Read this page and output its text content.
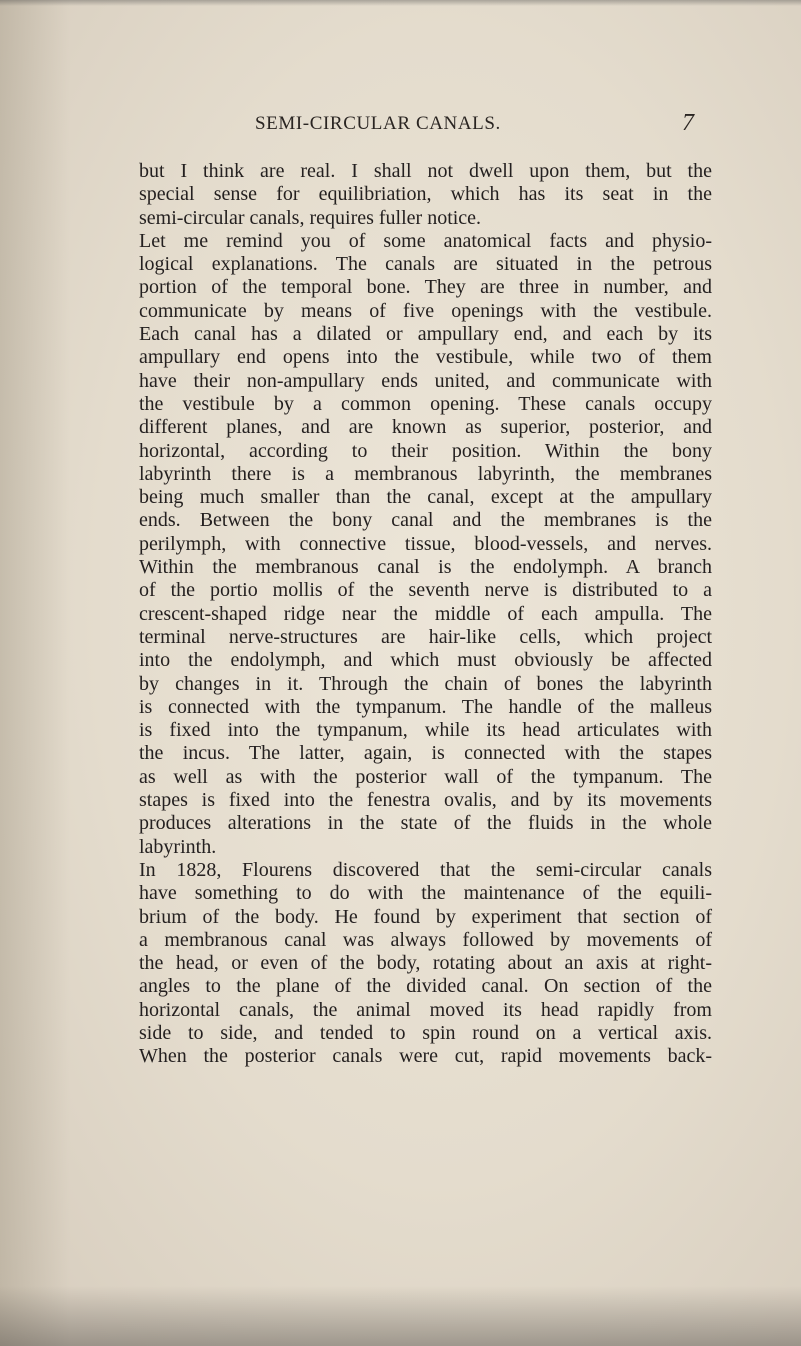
SEMI-CIRCULAR CANALS.	7
but I think are real. I shall not dwell upon them, but the
special sense for equilibriation, which has its seat in the
semi-circular canals, requires fuller notice.
Let me remind you of some anatomical facts and physio-
logical explanations. The canals are situated in the petrous
portion of the temporal bone. They are three in number, and
communicate by means of five openings with the vestibule.
Each canal has a dilated or ampullary end, and each by its
ampullary end opens into the vestibule, while two of them
have their non-ampullary ends united, and communicate with
the vestibule by a common opening. These canals occupy
different planes, and are known as superior, posterior, and
horizontal, according to their position. Within the bony
labyrinth there is a membranous labyrinth, the membranes
being much smaller than the canal, except at the ampullary
ends. Between the bony canal and the membranes is the
perilymph, with connective tissue, blood-vessels, and nerves.
Within the membranous canal is the endolymph. A branch
of the portio mollis of the seventh nerve is distributed to a
crescent-shaped ridge near the middle of each ampulla. The
terminal nerve-structures are hair-like cells, which project
into the endolymph, and which must obviously be affected
by changes in it. Through the chain of bones the labyrinth
is connected with the tympanum. The handle of the malleus
is fixed into the tympanum, while its head articulates with
the incus. The latter, again, is connected with the stapes
as well as with the posterior wall of the tympanum. The
stapes is fixed into the fenestra ovalis, and by its movements
produces alterations in the state of the fluids in the whole
labyrinth.
In 1828, Flourens discovered that the semi-circular canals
have something to do with the maintenance of the equili-
brium of the body. He found by experiment that section of
a membranous canal was always followed by movements of
the head, or even of the body, rotating about an axis at right-
angles to the plane of the divided canal. On section of the
horizontal canals, the animal moved its head rapidly from
side to side, and tended to spin round on a vertical axis.
When the posterior canals were cut, rapid movements back-
